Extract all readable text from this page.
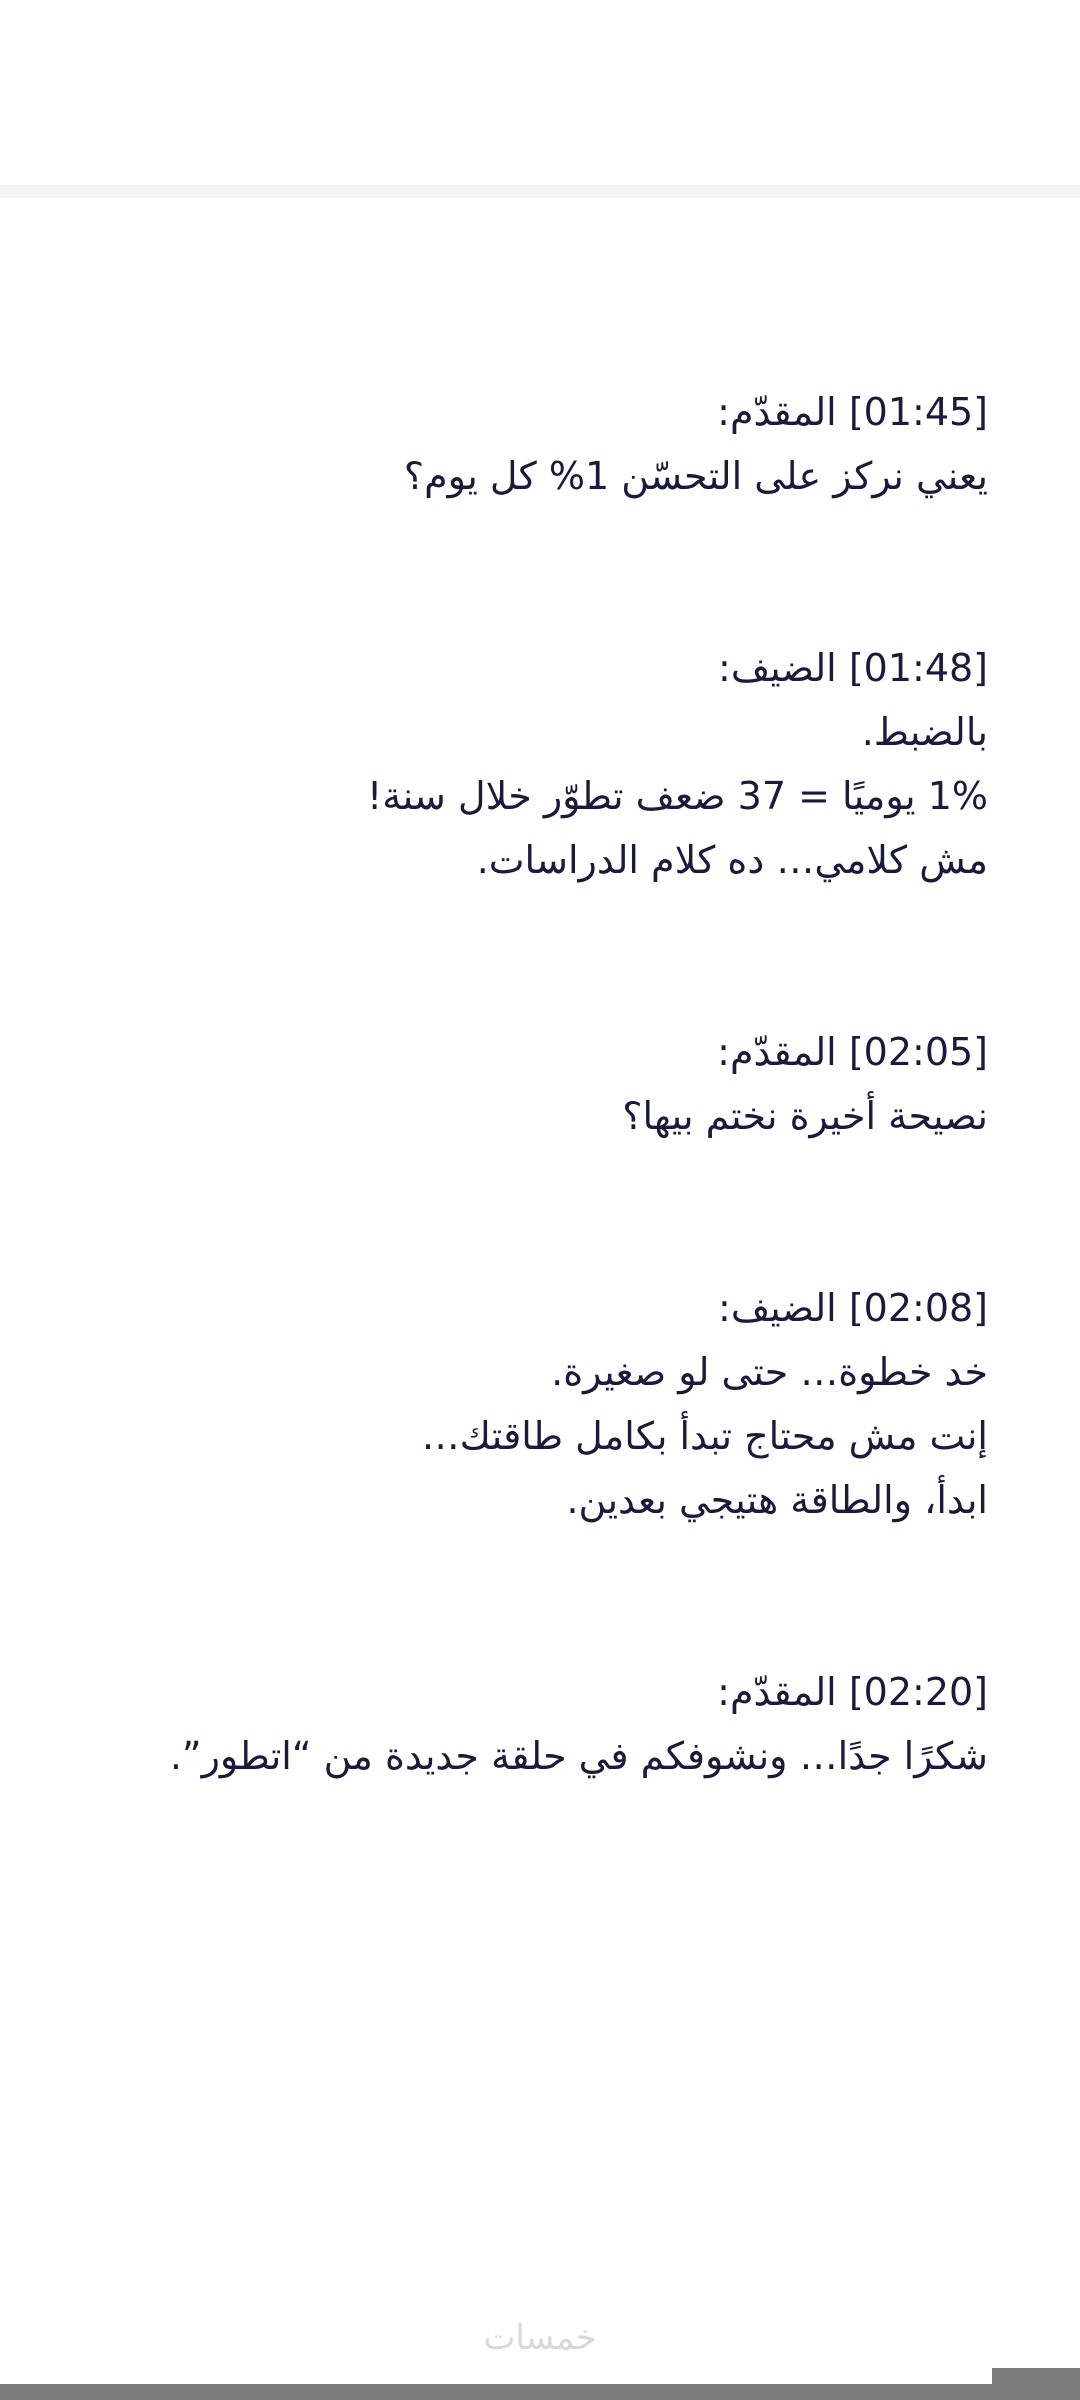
[01:45] المقدّم:
يعني نركز على التحسّن 1% كل يوم؟
[01:48] الضيف:
بالضبط.
1% يوميًا = 37 ضعف تطوّر خلال سنة!
مش كلامي… ده كلام الدراسات.
[02:05] المقدّم:
نصيحة أخيرة نختم بيها؟
[02:08] الضيف:
خد خطوة… حتى لو صغيرة.
إنت مش محتاج تبدأ بكامل طاقتك…
ابدأ، والطاقة هتيجي بعدين.
[02:20] المقدّم:
شكرًا جدًا… ونشوفكم في حلقة جديدة من “اتطور”.
خمسات
